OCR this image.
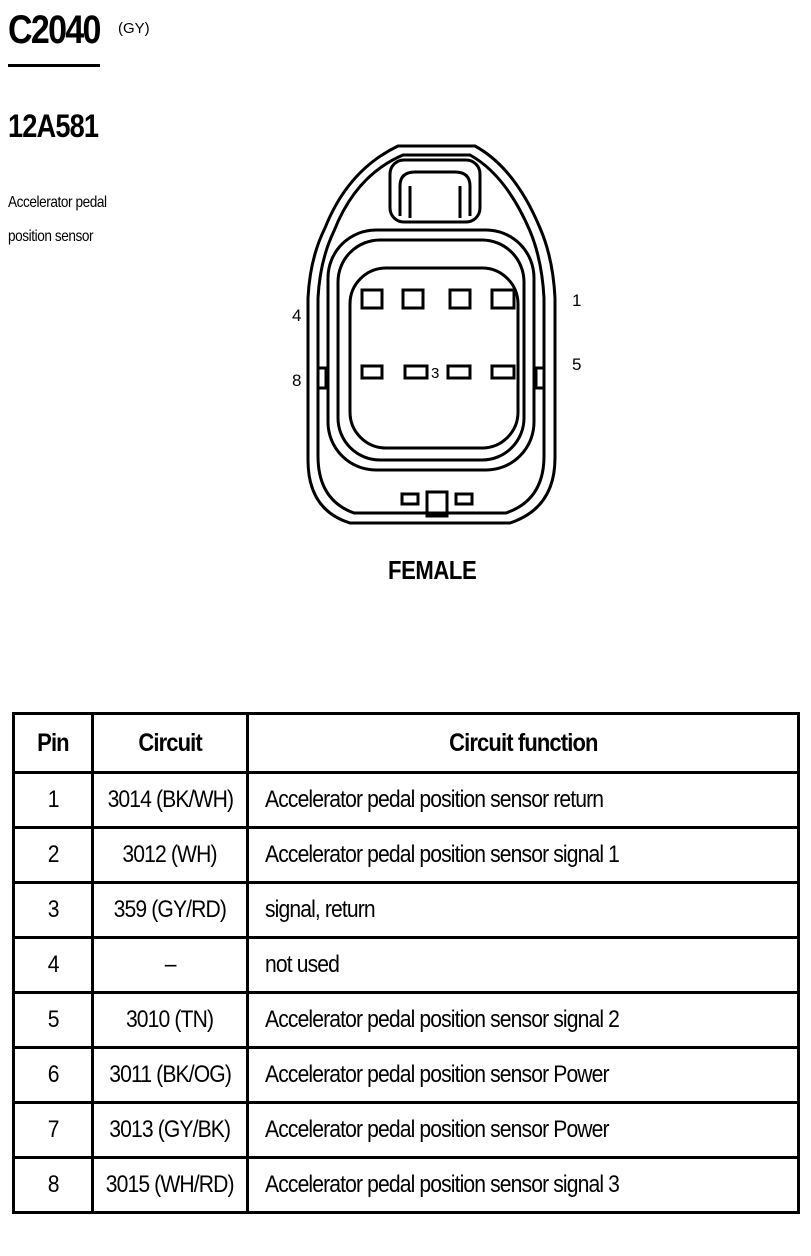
C2040 (GY)
12A581
Accelerator pedal
position sensor
4
8
1
5
3
FEMALE
Pin	Circuit	Circuit function
1	3014 (BK/WH)	Accelerator pedal position sensor return
2	3012 (WH)	Accelerator pedal position sensor signal 1
3	359 (GY/RD)	signal, return
4	–	not used
5	3010 (TN)	Accelerator pedal position sensor signal 2
6	3011 (BK/OG)	Accelerator pedal position sensor Power
7	3013 (GY/BK)	Accelerator pedal position sensor Power
8	3015 (WH/RD)	Accelerator pedal position sensor signal 3
